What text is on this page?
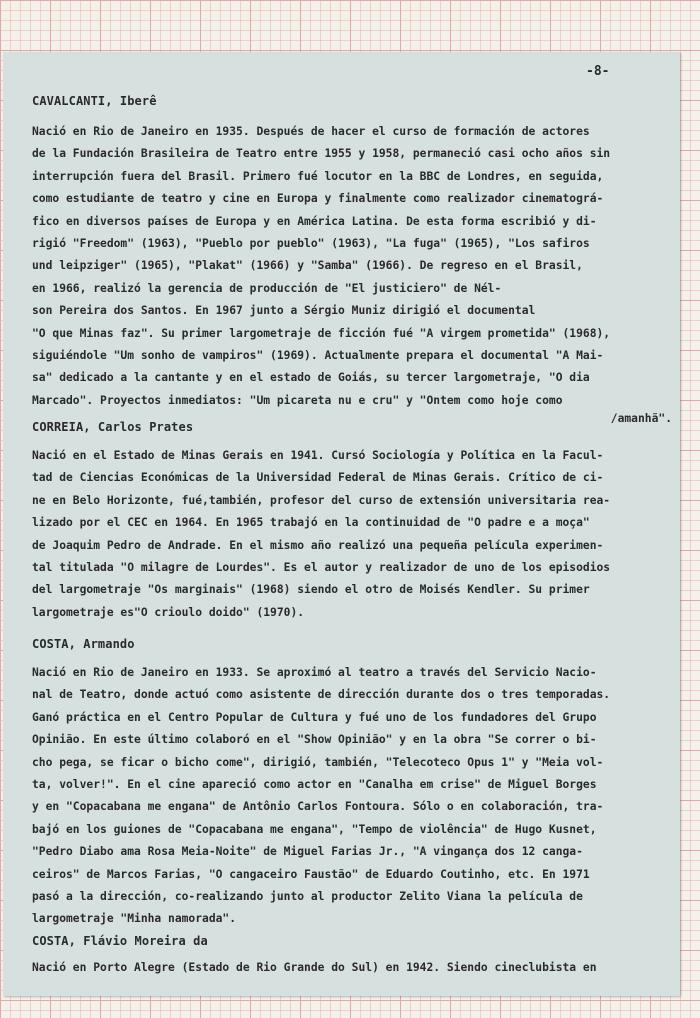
-8-
CAVALCANTI, Iberê
Nació en Rio de Janeiro en 1935. Después de hacer el curso de formación de actores
de la Fundación Brasileira de Teatro entre 1955 y 1958, permaneció casi ocho años sin
interrupción fuera del Brasil. Primero fué locutor en la BBC de Londres, en seguida,
como estudiante de teatro y cine en Europa y finalmente como realizador cinematográ-
fico en diversos países de Europa y en América Latina. De esta forma escribió y di-
rigió "Freedom" (1963), "Pueblo por pueblo" (1963), "La fuga" (1965), "Los safiros
und leipziger" (1965), "Plakat" (1966) y "Samba" (1966). De regreso en el Brasil,
en 1966, realizó la gerencia de producción de "El justiciero" de Nél-
son Pereira dos Santos. En 1967 junto a Sérgio Muniz dirigió el documental
"O que Minas faz". Su primer largometraje de ficción fué "A virgem prometida" (1968),
siguiéndole "Um sonho de vampiros" (1969). Actualmente prepara el documental "A Mai-
sa" dedicado a la cantante y en el estado de Goiás, su tercer largometraje, "O dia
Marcado". Proyectos inmediatos: "Um picareta nu e cru" y "Ontem como hoje como
/amanhã".
CORREIA, Carlos Prates
Nació en el Estado de Minas Gerais en 1941. Cursó Sociología y Política en la Facul-
tad de Ciencias Económicas de la Universidad Federal de Minas Gerais. Crítico de ci-
ne en Belo Horizonte, fué,también, profesor del curso de extensión universitaria rea-
lizado por el CEC en 1964. En 1965 trabajó en la continuidad de "O padre e a moça"
de Joaquim Pedro de Andrade. En el mismo año realizó una pequeña película experimen-
tal titulada "O milagre de Lourdes". Es el autor y realizador de uno de los episodios
del largometraje "Os marginais" (1968) siendo el otro de Moisés Kendler. Su primer
largometraje es"O crioulo doido" (1970).
COSTA, Armando
Nació en Rio de Janeiro en 1933. Se aproximó al teatro a través del Servicio Nacio-
nal de Teatro, donde actuó como asistente de dirección durante dos o tres temporadas.
Ganó práctica en el Centro Popular de Cultura y fué uno de los fundadores del Grupo
Opinião. En este último colaboró en el "Show Opinião" y en la obra "Se correr o bi-
cho pega, se ficar o bicho come", dirigió, también, "Telecoteco Opus 1" y "Meia vol-
ta, volver!". En el cine apareció como actor en "Canalha em crise" de Miguel Borges
y en "Copacabana me engana" de Antônio Carlos Fontoura. Sólo o en colaboración, tra-
bajó en los guiones de "Copacabana me engana", "Tempo de violência" de Hugo Kusnet,
"Pedro Diabo ama Rosa Meia-Noite" de Miguel Farias Jr., "A vingança dos 12 canga-
ceiros" de Marcos Farias, "O cangaceiro Faustão" de Eduardo Coutinho, etc. En 1971
pasó a la dirección, co-realizando junto al productor Zelito Viana la película de
largometraje "Minha namorada".
COSTA, Flávio Moreira da
Nació en Porto Alegre (Estado de Rio Grande do Sul) en 1942. Siendo cineclubista en
